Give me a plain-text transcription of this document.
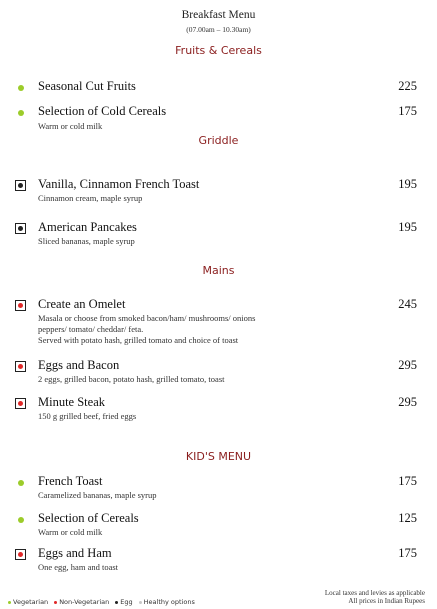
Breakfast Menu
(07.00am – 10.30am)
Fruits & Cereals
Seasonal Cut Fruits	225
Selection of Cold Cereals
Warm or cold milk
175
Griddle
Vanilla, Cinnamon French Toast
Cinnamon cream, maple syrup
195
American Pancakes
Sliced bananas, maple syrup
195
Mains
Create an Omelet
Masala or choose from smoked bacon/ham/ mushrooms/ onions
peppers/ tomato/ cheddar/ feta.
Served with potato hash, grilled tomato and choice of toast
245
Eggs and Bacon
2 eggs, grilled bacon, potato hash, grilled tomato, toast
295
Minute Steak
150 g grilled beef, fried eggs
295
KID'S MENU
French Toast
Caramelized bananas, maple syrup
175
Selection of Cereals
Warm or cold milk
125
Eggs and Ham
One egg, ham and toast
175
Local taxes and levies as applicable
All prices in Indian Rupees
Vegetarian Non-Vegetarian Egg Healthy options
